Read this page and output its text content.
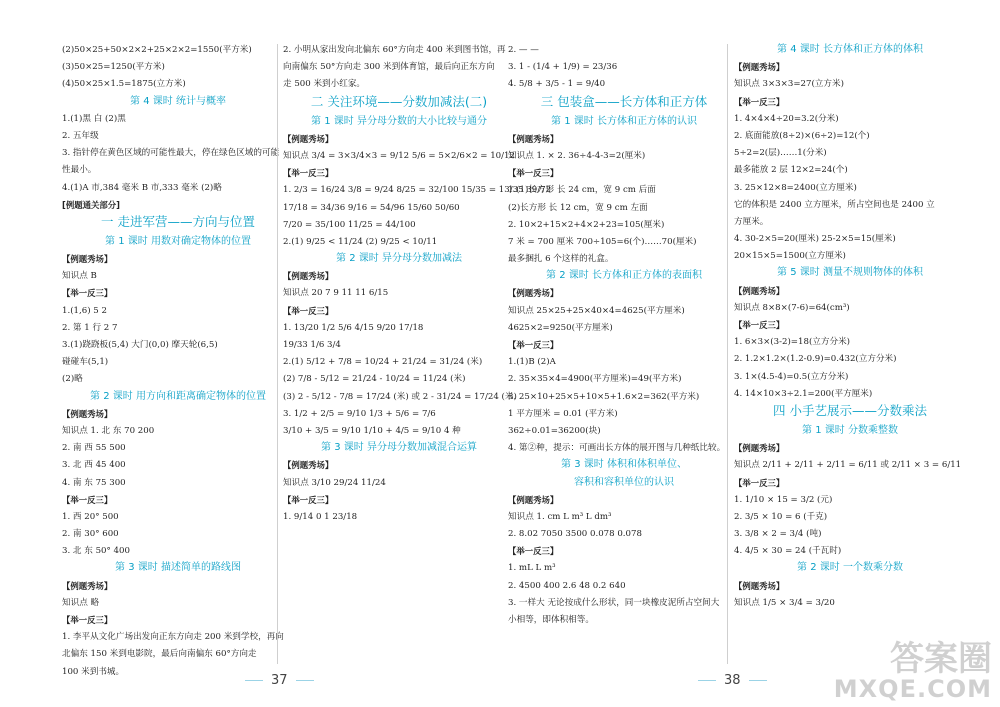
(2)50×25+50×2×2+25×2×2=1550(平方米)
(3)50×25=1250(平方米)
(4)50×25×1.5=1875(立方米)
第 4 课时 统计与概率
1.(1)黑 白 (2)黑
2. 五年级
3. 指针停在黄色区域的可能性最大，停在绿色区域的可能
性最小。
4.(1)A 市,384 毫米 B 市,333 毫米 (2)略
[例题通关部分]
一 走进军营——方向与位置
第 1 课时 用数对确定物体的位置
【例题秀场】
知识点 B
【举一反三】
1.(1,6) 5 2
2. 第 1 行 2 7
3.(1)跷跷板(5,4) 大门(0,0) 摩天轮(6,5)
碰碰车(5,1)
(2)略
第 2 课时 用方向和距离确定物体的位置
【例题秀场】
知识点 1. 北 东 70 200
2. 南 西 55 500
3. 北 西 45 400
4. 南 东 75 300
【举一反三】
1. 西 20° 500
2. 南 30° 600
3. 北 东 50° 400
第 3 课时 描述简单的路线图
【例题秀场】
知识点 略
【举一反三】
1. 李平从文化广场出发向正东方向走 200 米到学校，再向
北偏东 150 米到电影院，最后向南偏东 60°方向走
100 米到书城。
2. 小明从家出发向北偏东 60°方向走 400 米到图书馆，再
向南偏东 50°方向走 300 米到体育馆，最后向正东方向
走 500 米到小红家。
二 关注环境——分数加减法(二)
第 1 课时 异分母分数的大小比较与通分
【例题秀场】
知识点 3/4 = 3×3/4×3 = 9/12 5/6 = 5×2/6×2 = 10/12
【举一反三】
1. 2/3 = 16/24 3/8 = 9/24 8/25 = 32/100 15/35 = 13/35 39/72
17/18 = 34/36 9/16 = 54/96 15/60 50/60
7/20 = 35/100 11/25 = 44/100
2.(1) 9/25 < 11/24 (2) 9/25 < 10/11
第 2 课时 异分母分数加减法
【例题秀场】
知识点 20 7 9 11 11 6/15
【举一反三】
1. 13/20 1/2 5/6 4/15 9/20 17/18
19/33 1/6 3/4
2.(1) 5/12 + 7/8 = 10/24 + 21/24 = 31/24 (米)
(2) 7/8 - 5/12 = 21/24 - 10/24 = 11/24 (米)
(3) 2 - 5/12 - 7/8 = 17/24 (米) 或 2 - 31/24 = 17/24 (米)
3. 1/2 + 2/5 = 9/10 1/3 + 5/6 = 7/6
3/10 + 3/5 = 9/10 1/10 + 4/5 = 9/10 4 种
第 3 课时 异分母分数加减混合运算
【例题秀场】
知识点 3/10 29/24 11/24
【举一反三】
1. 9/14 0 1 23/18
2. — —
3. 1 - (1/4 + 1/9) = 23/36
4. 5/8 + 3/5 - 1 = 9/40
三 包装盒——长方体和正方体
第 1 课时 长方体和正方体的认识
【例题秀场】
知识点 1. × 2. 36÷4-4-3=2(厘米)
【举一反三】
1.(1)长方形 长 24 cm，宽 9 cm 后面
(2)长方形 长 12 cm，宽 9 cm 左面
2. 10×2+15×2+4×2+23=105(厘米)
7 米 = 700 厘米 700÷105=6(个)……70(厘米)
最多捆扎 6 个这样的礼盒。
第 2 课时 长方体和正方体的表面积
【例题秀场】
知识点 25×25+25×40×4=4625(平方厘米)
4625×2=9250(平方厘米)
【举一反三】
1.(1)B (2)A
2. 35×35×4=4900(平方厘米)=49(平方米)
3. 25×10+25×5+10×5+1.6×2=362(平方米)
1 平方厘米 = 0.01 (平方米)
362÷0.01=36200(块)
4. 第②种，提示：可画出长方体的展开图与几种纸比较。
第 3 课时 体积和体积单位、
容积和容积单位的认识
【例题秀场】
知识点 1. cm L m³ L dm³
2. 8.02 7050 3500 0.078 0.078
【举一反三】
1. mL L m³
2. 4500 400 2.6 48 0.2 640
3. 一样大 无论按成什么形状，同一块橡皮泥所占空间大
小相等，即体积相等。
第 4 课时 长方体和正方体的体积
【例题秀场】
知识点 3×3×3=27(立方米)
【举一反三】
1. 4×4×4÷20=3.2(分米)
2. 底面能放(8÷2)×(6÷2)=12(个)
5÷2=2(层)……1(分米)
最多能放 2 层 12×2=24(个)
3. 25×12×8=2400(立方厘米)
它的体积是 2400 立方厘米，所占空间也是 2400 立
方厘米。
4. 30-2×5=20(厘米) 25-2×5=15(厘米)
20×15×5=1500(立方厘米)
第 5 课时 测量不规则物体的体积
【例题秀场】
知识点 8×8×(7-6)=64(cm³)
【举一反三】
1. 6×3×(3-2)=18(立方分米)
2. 1.2×1.2×(1.2-0.9)=0.432(立方分米)
3. 1×(4.5-4)=0.5(立方分米)
4. 14×10×3÷2.1=200(平方厘米)
四 小手艺展示——分数乘法
第 1 课时 分数乘整数
【例题秀场】
知识点 2/11 + 2/11 + 2/11 = 6/11 或 2/11 × 3 = 6/11
【举一反三】
1. 1/10 × 15 = 3/2 (元)
2. 3/5 × 10 = 6 (千克)
3. 3/8 × 2 = 3/4 (吨)
4. 4/5 × 30 = 24 (千瓦时)
第 2 课时 一个数乘分数
【例题秀场】
知识点 1/5 × 3/4 = 3/20
37	38
答案圈
MXQE.COM
